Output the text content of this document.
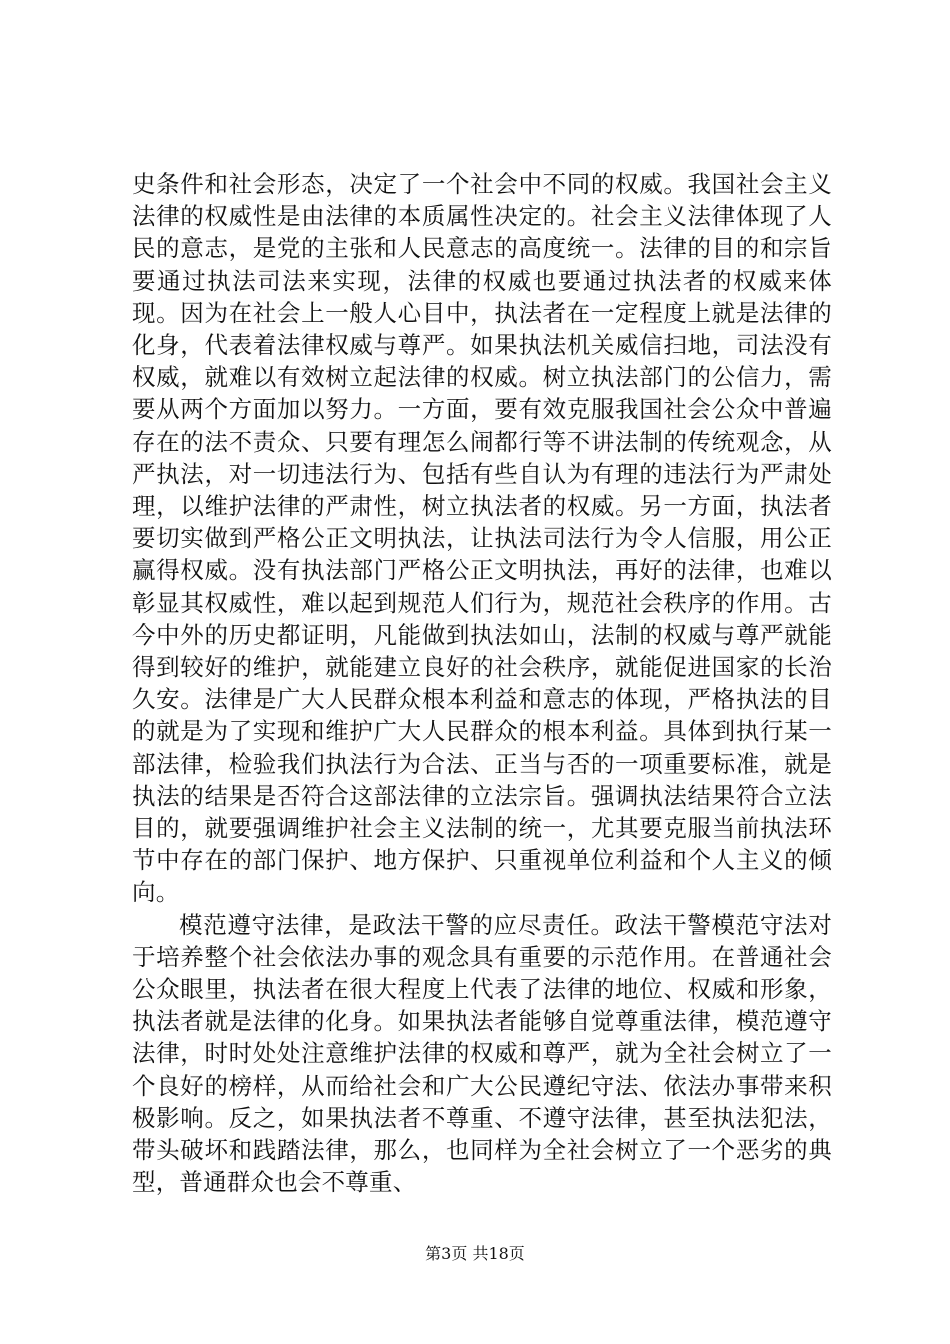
史条件和社会形态，决定了一个社会中不同的权威。我国社会主义法律的权威性是由法律的本质属性决定的。社会主义法律体现了人民的意志，是党的主张和人民意志的高度统一。法律的目的和宗旨要通过执法司法来实现，法律的权威也要通过执法者的权威来体现。因为在社会上一般人心目中，执法者在一定程度上就是法律的化身，代表着法律权威与尊严。如果执法机关威信扫地，司法没有权威，就难以有效树立起法律的权威。树立执法部门的公信力，需要从两个方面加以努力。一方面，要有效克服我国社会公众中普遍存在的法不责众、只要有理怎么闹都行等不讲法制的传统观念，从严执法，对一切违法行为、包括有些自认为有理的违法行为严肃处理，以维护法律的严肃性，树立执法者的权威。另一方面，执法者要切实做到严格公正文明执法，让执法司法行为令人信服，用公正赢得权威。没有执法部门严格公正文明执法，再好的法律，也难以彰显其权威性，难以起到规范人们行为，规范社会秩序的作用。古今中外的历史都证明，凡能做到执法如山，法制的权威与尊严就能得到较好的维护，就能建立良好的社会秩序，就能促进国家的长治久安。法律是广大人民群众根本利益和意志的体现，严格执法的目的就是为了实现和维护广大人民群众的根本利益。具体到执行某一部法律，检验我们执法行为合法、正当与否的一项重要标准，就是执法的结果是否符合这部法律的立法宗旨。强调执法结果符合立法目的，就要强调维护社会主义法制的统一，尤其要克服当前执法环节中存在的部门保护、地方保护、只重视单位利益和个人主义的倾向。

模范遵守法律，是政法干警的应尽责任。政法干警模范守法对于培养整个社会依法办事的观念具有重要的示范作用。在普通社会公众眼里，执法者在很大程度上代表了法律的地位、权威和形象，执法者就是法律的化身。如果执法者能够自觉尊重法律，模范遵守法律，时时处处注意维护法律的权威和尊严，就为全社会树立了一个良好的榜样，从而给社会和广大公民遵纪守法、依法办事带来积极影响。反之，如果执法者不尊重、不遵守法律，甚至执法犯法，带头破坏和践踏法律，那么，也同样为全社会树立了一个恶劣的典型，普通群众也会不尊重、

第3页 共18页
